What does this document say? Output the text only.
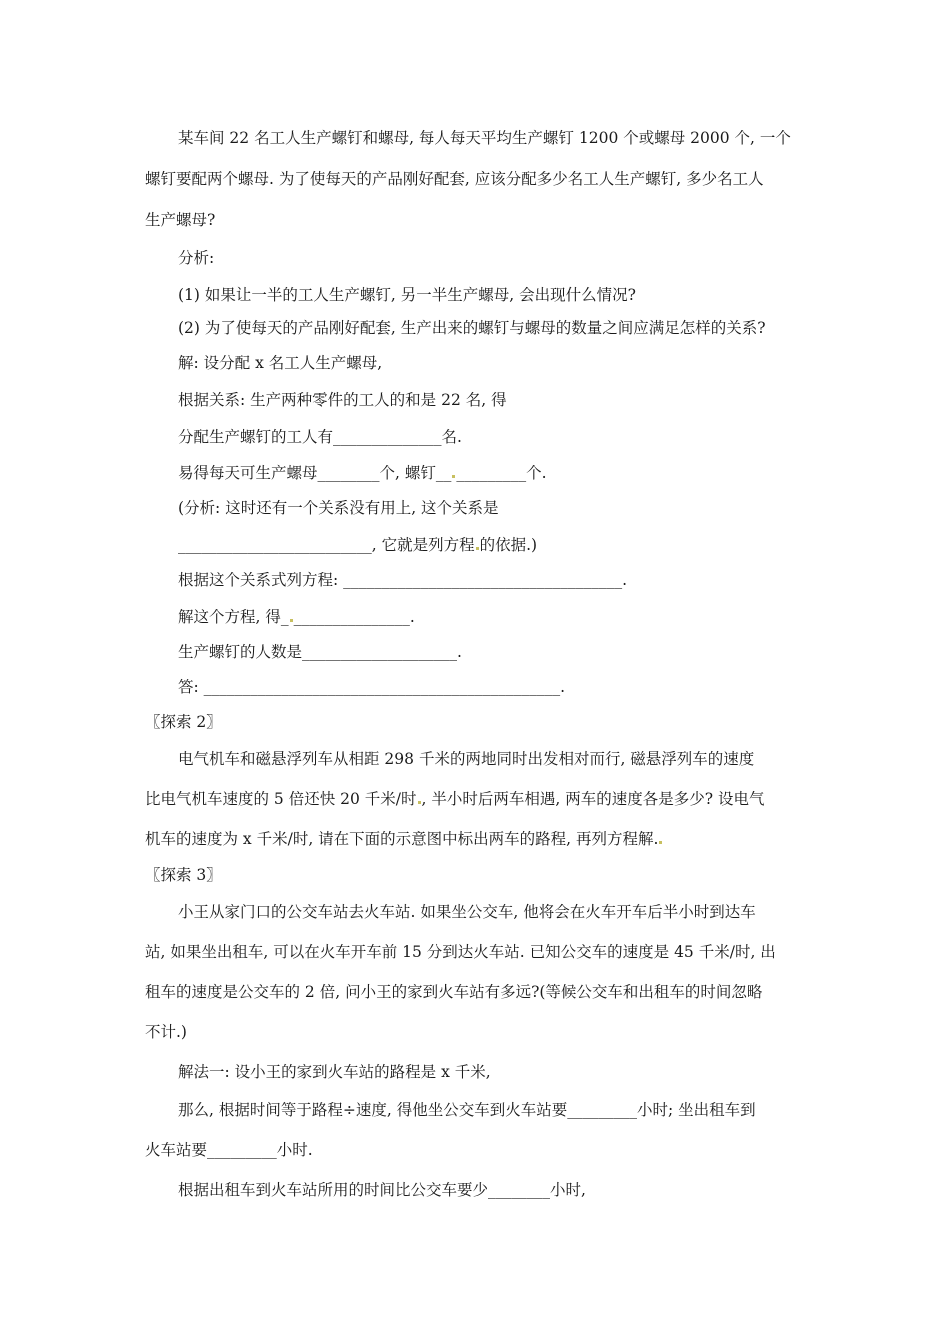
某车间 22 名工人生产螺钉和螺母, 每人每天平均生产螺钉 1200 个或螺母 2000 个, 一个
螺钉要配两个螺母. 为了使每天的产品刚好配套, 应该分配多少名工人生产螺钉, 多少名工人
生产螺母?
分析:
(1) 如果让一半的工人生产螺钉, 另一半生产螺母, 会出现什么情况?
(2) 为了使每天的产品刚好配套, 生产出来的螺钉与螺母的数量之间应满足怎样的关系?
解: 设分配 x 名工人生产螺母,
根据关系: 生产两种零件的工人的和是 22 名, 得
分配生产螺钉的工人有______________名.
易得每天可生产螺母________个, 螺钉__ _________个.
(分析: 这时还有一个关系没有用上, 这个关系是
_________________________, 它就是列方程 的依据.)
根据这个关系式列方程: ____________________________________.
解这个方程, 得_ _______________.
生产螺钉的人数是____________________.
答: ______________________________________________.
〖探索 2〗
电气机车和磁悬浮列车从相距 298 千米的两地同时出发相对而行, 磁悬浮列车的速度
比电气机车速度的 5 倍还快 20 千米/时 , 半小时后两车相遇, 两车的速度各是多少? 设电气
机车的速度为 x 千米/时, 请在下面的示意图中标出两车的路程, 再列方程解.
〖探索 3〗
小王从家门口的公交车站去火车站. 如果坐公交车, 他将会在火车开车后半小时到达车
站, 如果坐出租车, 可以在火车开车前 15 分到达火车站. 已知公交车的速度是 45 千米/时, 出
租车的速度是公交车的 2 倍, 问小王的家到火车站有多远?(等候公交车和出租车的时间忽略
不计.)
解法一: 设小王的家到火车站的路程是 x 千米,
那么, 根据时间等于路程÷速度, 得他坐公交车到火车站要_________小时; 坐出租车到
火车站要_________小时.
根据出租车到火车站所用的时间比公交车要少________小时,
